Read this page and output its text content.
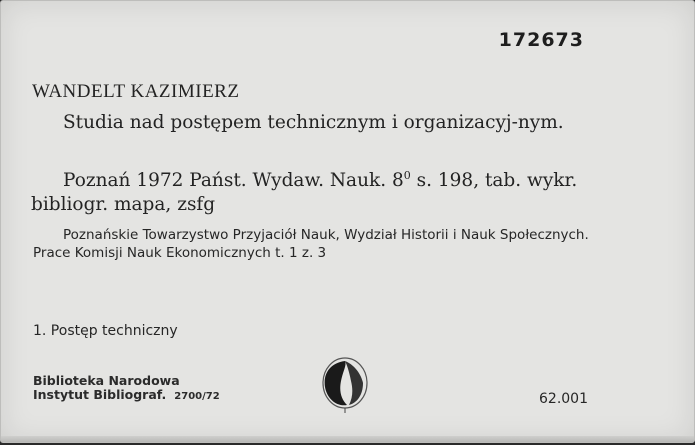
172673
WANDELT KAZIMIERZ
Studia nad postępem technicznym i organizacyj-nym.
Poznań 1972 Państ. Wydaw. Nauk. $8^0$ s. 198, tab. wykr. bibliogr. mapa, zsfg
Poznańskie Towarzystwo Przyjaciół Nauk, Wydział Historii i Nauk Społecznych. Prace Komisji Nauk Ekonomicznych t. 1 z. 3
1. Postęp techniczny
Biblioteka Narodowa
Instytut Bibliograf. 2700/72	62.001
